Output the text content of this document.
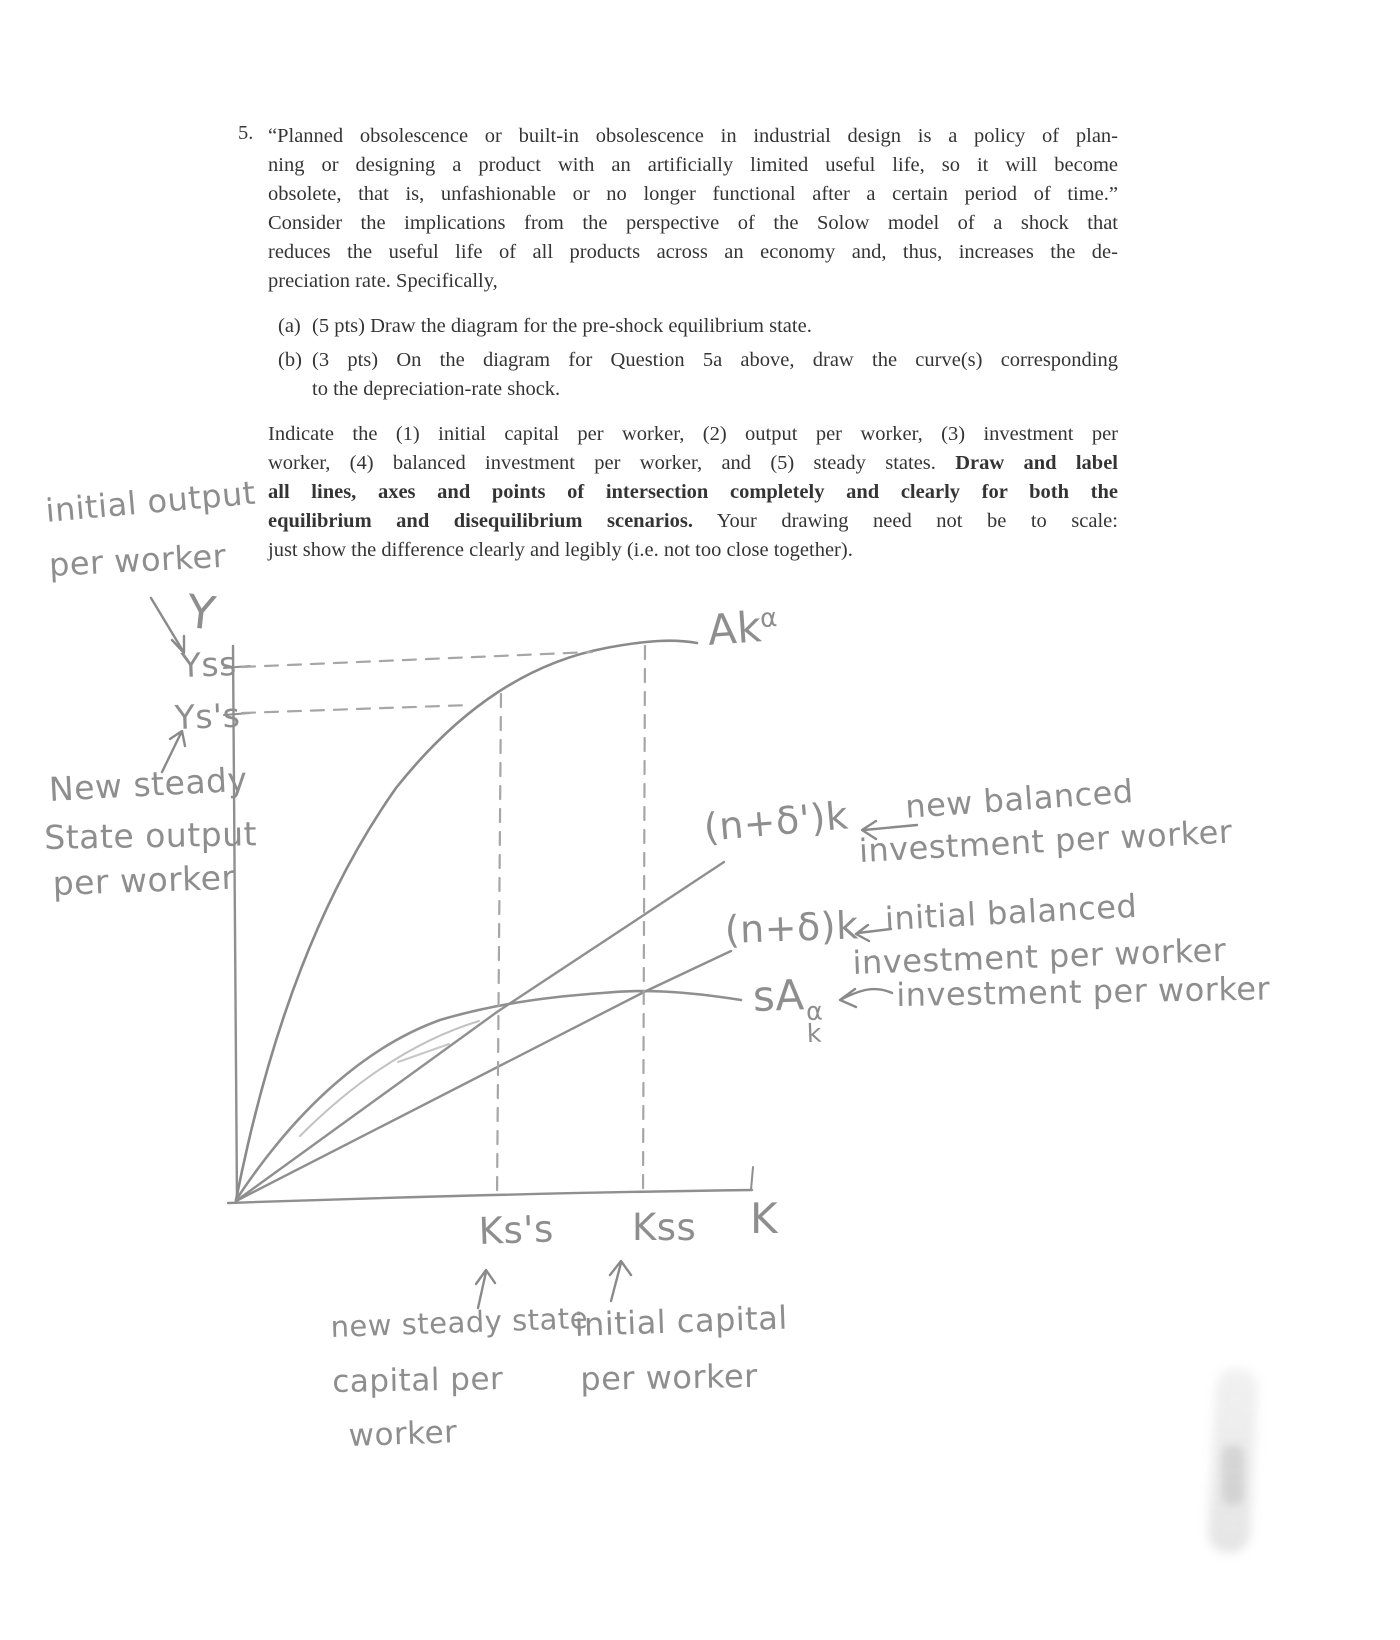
5. “Planned obsolescence or built-in obsolescence in industrial design is a policy of plan-
ning or designing a product with an artificially limited useful life, so it will become
obsolete, that is, unfashionable or no longer functional after a certain period of time.”
Consider the implications from the perspective of the Solow model of a shock that
reduces the useful life of all products across an economy and, thus, increases the de-
preciation rate. Specifically,
(a) (5 pts) Draw the diagram for the pre-shock equilibrium state.
(b) (3 pts) On the diagram for Question 5a above, draw the curve(s) corresponding
to the depreciation-rate shock.
Indicate the (1) initial capital per worker, (2) output per worker, (3) investment per
worker, (4) balanced investment per worker, and (5) steady states. Draw and label
all lines, axes and points of intersection completely and clearly for both the
equilibrium and disequilibrium scenarios. Your drawing need not be to scale:
just show the difference clearly and legibly (i.e. not too close together).
initial output
per worker
Y
Yss
Ys's
New steady
State output
per worker
$Ak^\alpha$
(n+δ')k new balanced
investment per worker
(n+δ)k initial balanced
investment per worker
sA α
k
investment per worker
Ks's Kss K
new steady state
capital per
worker
initial capital
per worker
